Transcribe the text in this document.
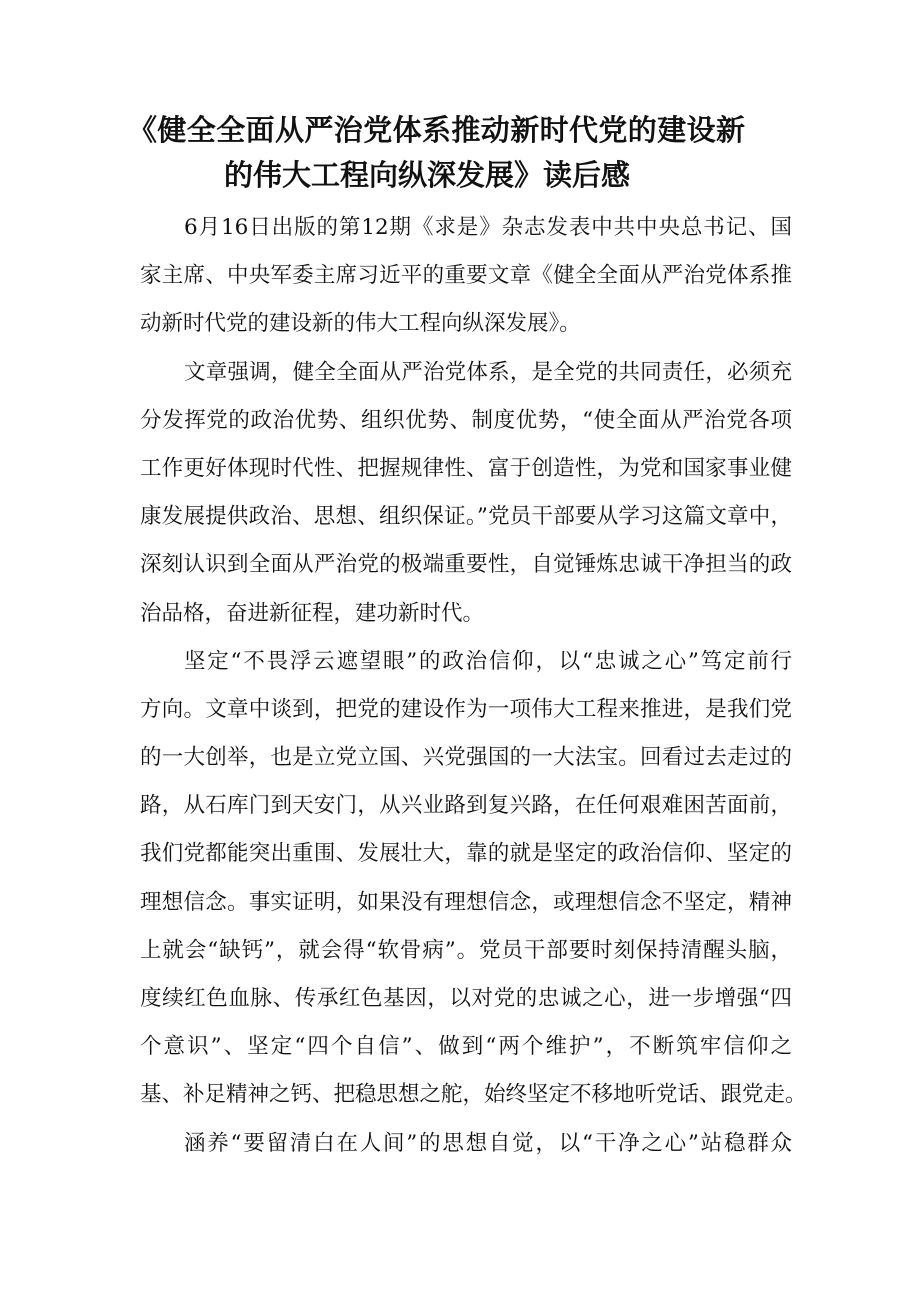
《健全全面从严治党体系推动新时代党的建设新
的伟大工程向纵深发展》读后感
6月16日出版的第12期《求是》杂志发表中共中央总书记、国
家主席、中央军委主席习近平的重要文章《健全全面从严治党体系推
动新时代党的建设新的伟大工程向纵深发展》。
文章强调，健全全面从严治党体系，是全党的共同责任，必须充
分发挥党的政治优势、组织优势、制度优势，“使全面从严治党各项
工作更好体现时代性、把握规律性、富于创造性，为党和国家事业健
康发展提供政治、思想、组织保证。”党员干部要从学习这篇文章中，
深刻认识到全面从严治党的极端重要性，自觉锤炼忠诚干净担当的政
治品格，奋进新征程，建功新时代。
坚定“不畏浮云遮望眼”的政治信仰，以“忠诚之心”笃定前行
方向。文章中谈到，把党的建设作为一项伟大工程来推进，是我们党
的一大创举，也是立党立国、兴党强国的一大法宝。回看过去走过的
路，从石库门到天安门，从兴业路到复兴路，在任何艰难困苦面前，
我们党都能突出重围、发展壮大，靠的就是坚定的政治信仰、坚定的
理想信念。事实证明，如果没有理想信念，或理想信念不坚定，精神
上就会“缺钙”，就会得“软骨病”。党员干部要时刻保持清醒头脑，
度续红色血脉、传承红色基因，以对党的忠诚之心，进一步增强“四
个意识”、坚定“四个自信”、做到“两个维护”，不断筑牢信仰之
基、补足精神之钙、把稳思想之舵，始终坚定不移地听党话、跟党走。
涵养“要留清白在人间”的思想自觉，以“干净之心”站稳群众
